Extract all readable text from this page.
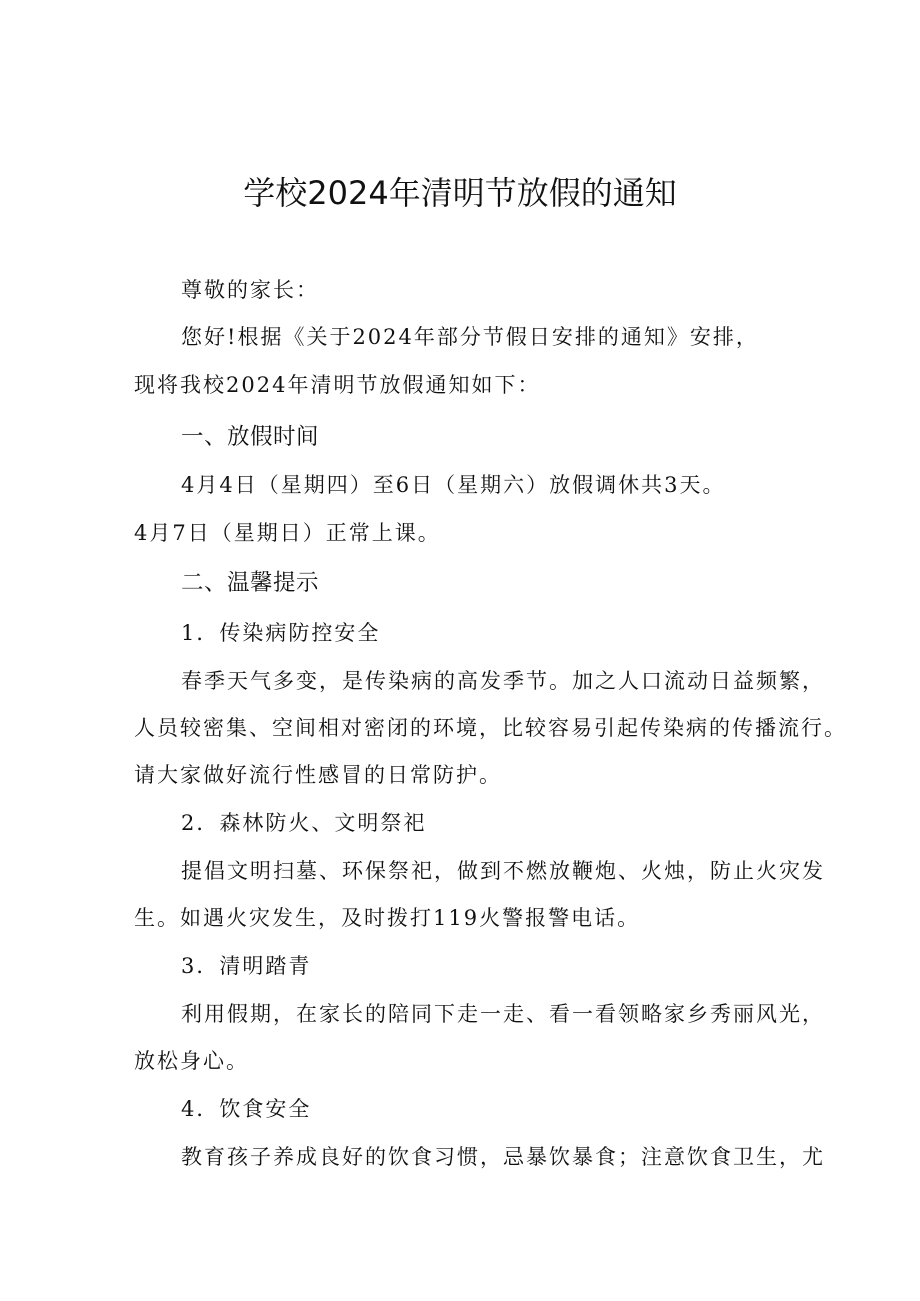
学校2024年清明节放假的通知
尊敬的家长：
您好!根据《关于2024年部分节假日安排的通知》安排，
现将我校2024年清明节放假通知如下：
一、放假时间
4月4日（星期四）至6日（星期六）放假调休共3天。
4月7日（星期日）正常上课。
二、温馨提示
1．传染病防控安全
春季天气多变，是传染病的高发季节。加之人口流动日益频繁，
人员较密集、空间相对密闭的环境，比较容易引起传染病的传播流行。
请大家做好流行性感冒的日常防护。
2．森林防火、文明祭祀
提倡文明扫墓、环保祭祀，做到不燃放鞭炮、火烛，防止火灾发
生。如遇火灾发生，及时拨打119火警报警电话。
3．清明踏青
利用假期，在家长的陪同下走一走、看一看领略家乡秀丽风光，
放松身心。
4．饮食安全
教育孩子养成良好的饮食习惯，忌暴饮暴食；注意饮食卫生，尤
